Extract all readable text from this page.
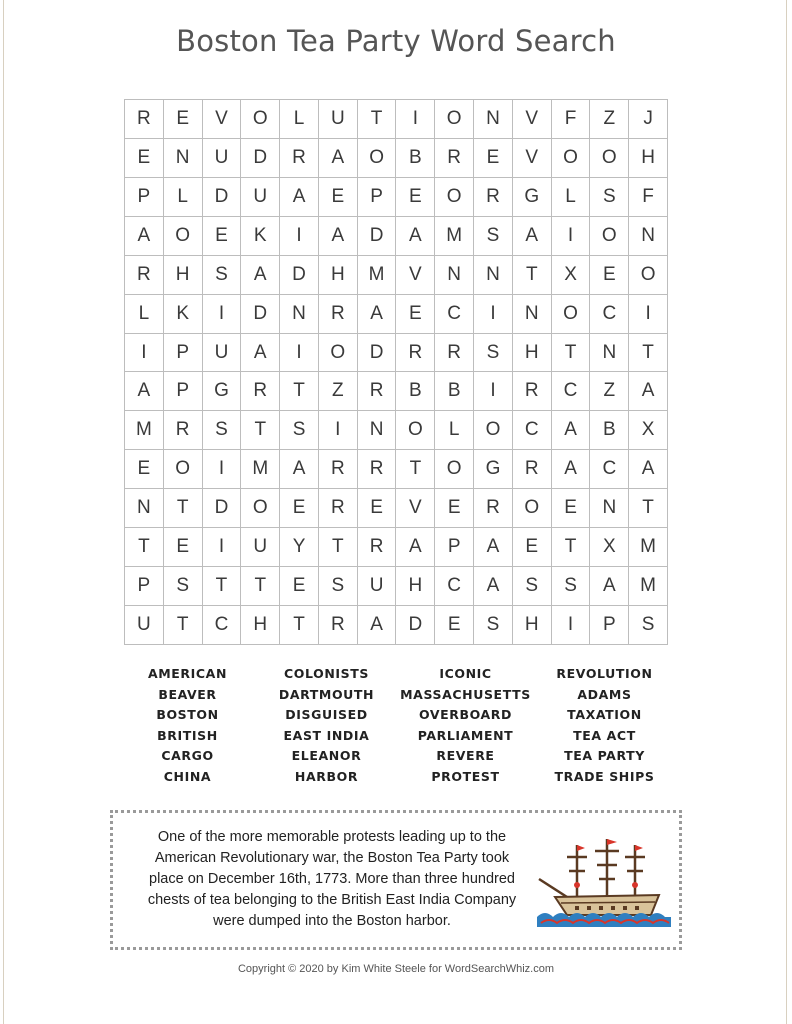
Boston Tea Party Word Search
R	E	V	O	L	U	T	I	O	N	V	F	Z	J
E	N	U	D	R	A	O	B	R	E	V	O	O	H
P	L	D	U	A	E	P	E	O	R	G	L	S	F
A	O	E	K	I	A	D	A	M	S	A	I	O	N
R	H	S	A	D	H	M	V	N	N	T	X	E	O
L	K	I	D	N	R	A	E	C	I	N	O	C	I
I	P	U	A	I	O	D	R	R	S	H	T	N	T
A	P	G	R	T	Z	R	B	B	I	R	C	Z	A
M	R	S	T	S	I	N	O	L	O	C	A	B	X
E	O	I	M	A	R	R	T	O	G	R	A	C	A
N	T	D	O	E	R	E	V	E	R	O	E	N	T
T	E	I	U	Y	T	R	A	P	A	E	T	X	M
P	S	T	T	E	S	U	H	C	A	S	S	A	M
U	T	C	H	T	R	A	D	E	S	H	I	P	S
AMERICAN	COLONISTS	ICONIC	REVOLUTION
BEAVER	DARTMOUTH	MASSACHUSETTS	ADAMS
BOSTON	DISGUISED	OVERBOARD	TAXATION
BRITISH	EAST INDIA	PARLIAMENT	TEA ACT
CARGO	ELEANOR	REVERE	TEA PARTY
CHINA	HARBOR	PROTEST	TRADE SHIPS
One of the more memorable protests leading up to the
American Revolutionary war, the Boston Tea Party took
place on December 16th, 1773. More than three hundred
chests of tea belonging to the British East India Company
were dumped into the Boston harbor.
Copyright © 2020 by Kim White Steele for WordSearchWhiz.com
